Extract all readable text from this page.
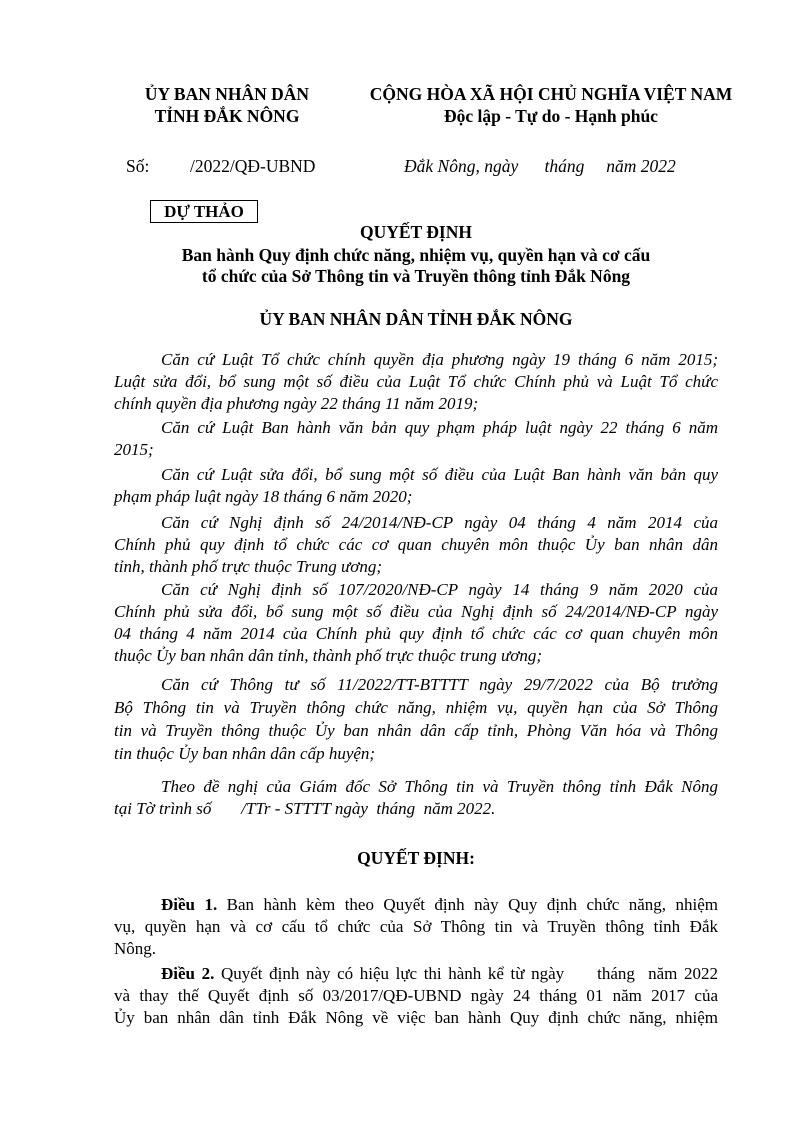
ỦY BAN NHÂN DÂN
TỈNH ĐẮK NÔNG
CỘNG HÒA XÃ HỘI CHỦ NGHĨA VIỆT NAM
Độc lập - Tự do - Hạnh phúc
Số: /2022/QĐ-UBND	Đắk Nông, ngày      tháng     năm 2022
DỰ THẢO
QUYẾT ĐỊNH
Ban hành Quy định chức năng, nhiệm vụ, quyền hạn và cơ cấu
tổ chức của Sở Thông tin và Truyền thông tỉnh Đắk Nông
ỦY BAN NHÂN DÂN TỈNH ĐẮK NÔNG

Căn cứ Luật Tổ chức chính quyền địa phương ngày 19 tháng 6 năm 2015;

Luật sửa đổi, bổ sung một số điều của Luật Tổ chức Chính phủ và Luật Tổ chức

chính quyền địa phương ngày 22 tháng 11 năm 2019;

Căn cứ Luật Ban hành văn bản quy phạm pháp luật ngày 22 tháng 6 năm

2015;

Căn cứ Luật sửa đổi, bổ sung một số điều của Luật Ban hành văn bản quy

phạm pháp luật ngày 18 tháng 6 năm 2020;

Căn cứ Nghị định số 24/2014/NĐ-CP ngày 04 tháng 4 năm 2014 của

Chính phủ quy định tổ chức các cơ quan chuyên môn thuộc Ủy ban nhân dân

tỉnh, thành phố trực thuộc Trung ương;

Căn cứ Nghị định số 107/2020/NĐ-CP ngày 14 tháng 9 năm 2020 của

Chính phủ sửa đổi, bổ sung một số điều của Nghị định số 24/2014/NĐ-CP ngày

04 tháng 4 năm 2014 của Chính phủ quy định tổ chức các cơ quan chuyên môn

thuộc Ủy ban nhân dân tỉnh, thành phố trực thuộc trung ương;

Căn cứ Thông tư số 11/2022/TT-BTTTT ngày 29/7/2022 của Bộ trưởng

Bộ Thông tin và Truyền thông chức năng, nhiệm vụ, quyền hạn của Sở Thông

tin và Truyền thông thuộc Ủy ban nhân dân cấp tỉnh, Phòng Văn hóa và Thông

tin thuộc Ủy ban nhân dân cấp huyện;

Theo đề nghị của Giám đốc Sở Thông tin và Truyền thông tỉnh Đắk Nông

tại Tờ trình số       /TTr - STTTT ngày  tháng  năm 2022.

QUYẾT ĐỊNH:

Điều 1. Ban hành kèm theo Quyết định này Quy định chức năng, nhiệm

vụ, quyền hạn và cơ cấu tổ chức của Sở Thông tin và Truyền thông tỉnh Đắk

Nông.

Điều 2. Quyết định này có hiệu lực thi hành kể từ ngày     tháng  năm 2022

và thay thế Quyết định số 03/2017/QĐ-UBND ngày 24 tháng 01 năm 2017 của

Ủy ban nhân dân tỉnh Đắk Nông về việc ban hành Quy định chức năng, nhiệm
